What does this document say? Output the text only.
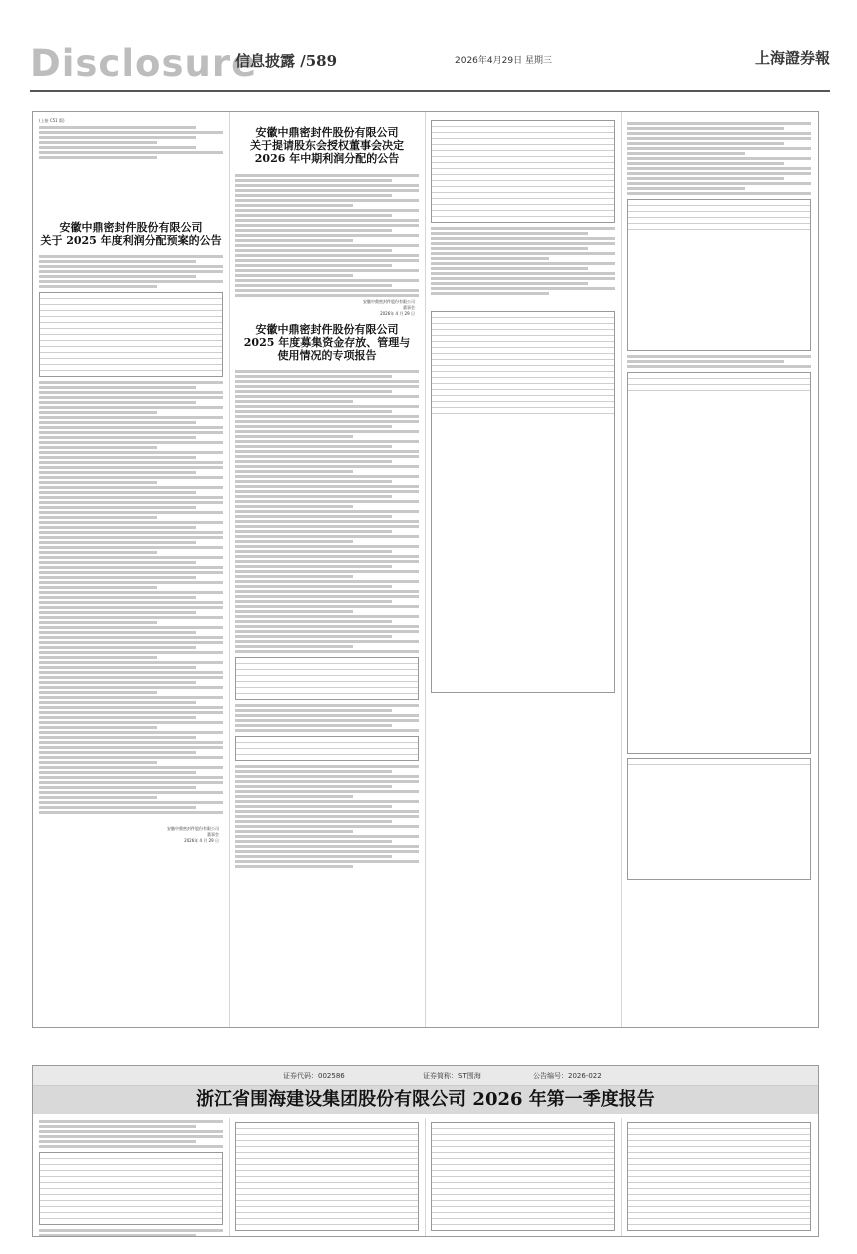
Disclosure
信息披露 /589	2026年4月29日 星期三	上海證券報
(上接 C51 版)
安徽中鼎密封件股份有限公司
关于 2025 年度利润分配预案的公告
安徽中鼎密封件股份有限公司
董事会
2026年 4 月 29 日
安徽中鼎密封件股份有限公司
关于提请股东会授权董事会决定
2026 年中期利润分配的公告
安徽中鼎密封件股份有限公司
董事会
2026年 4 月 29 日
安徽中鼎密封件股份有限公司
2025 年度募集资金存放、管理与
使用情况的专项报告
证券代码：002586	证券简称：ST围海	公告编号：2026-022
浙江省围海建设集团股份有限公司 2026 年第一季度报告
